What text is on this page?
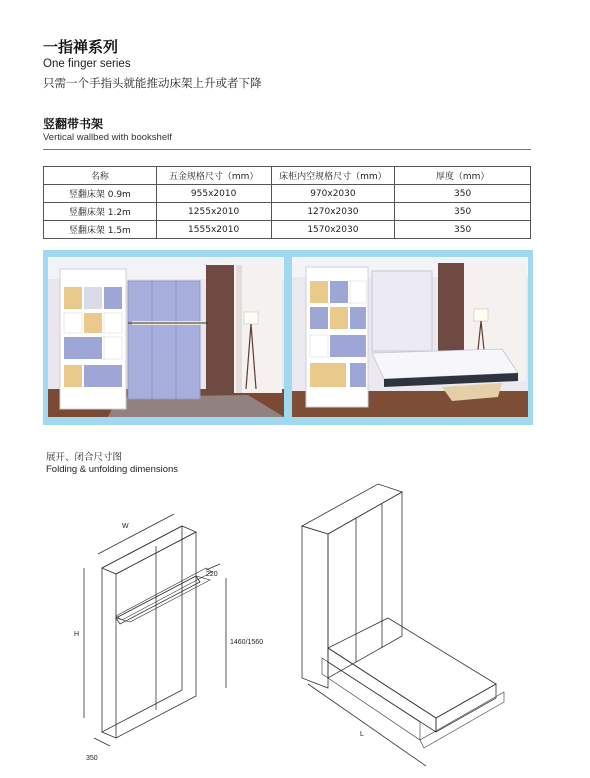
一指禅系列
One finger series
只需一个手指头就能推动床架上升或者下降
竖翻带书架
Vertical wallbed with bookshelf
名称	五金规格尺寸（mm）	床柜内空规格尺寸（mm）	厚度（mm）
竖翻床架 0.9m	955x2010	970x2030	350
竖翻床架 1.2m	1255x2010	1270x2030	350
竖翻床架 1.5m	1555x2010	1570x2030	350
展开、闭合尺寸图
Folding & unfolding dimensions
W
H
350
220
1460/1560
L
